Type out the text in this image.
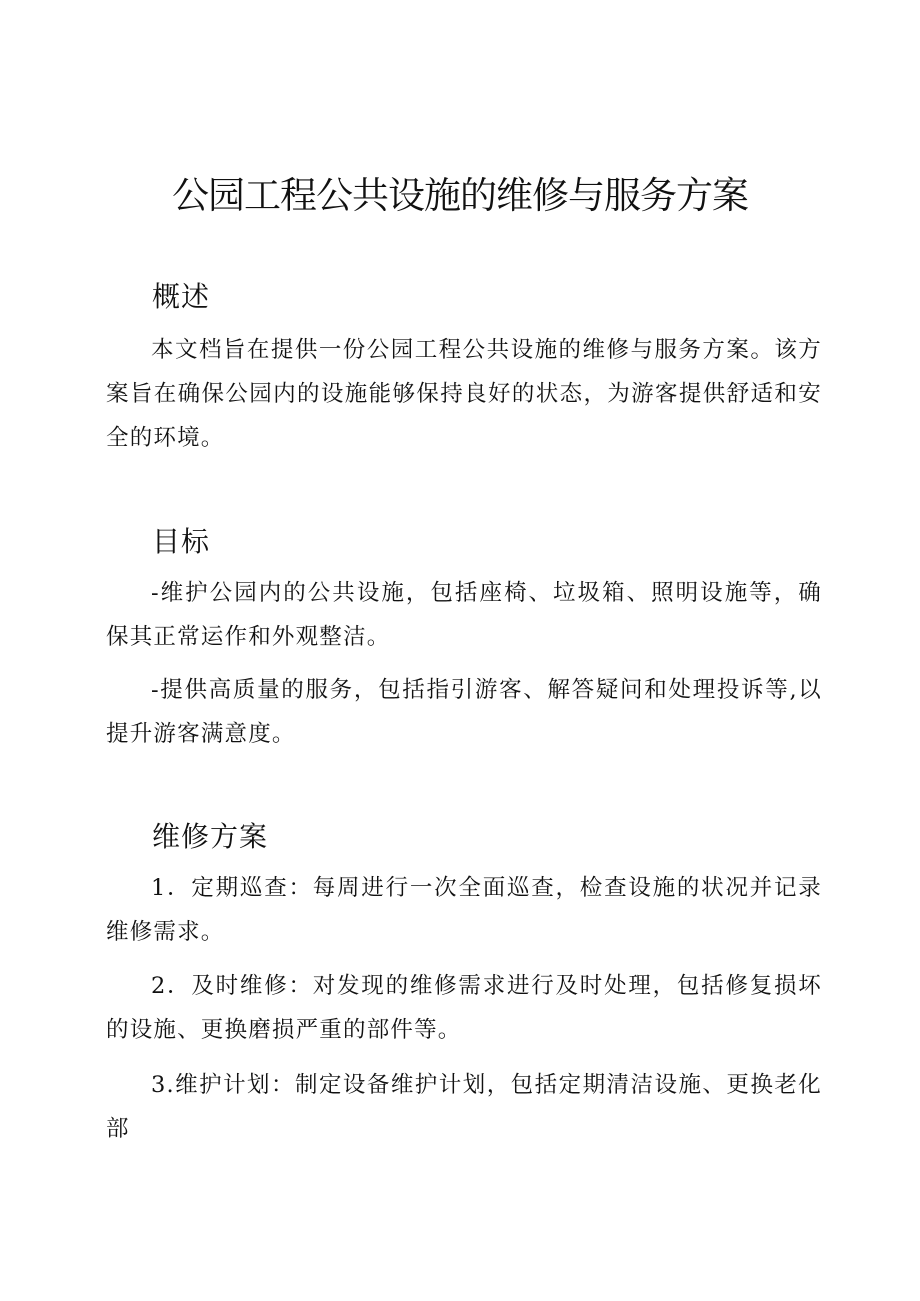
公园工程公共设施的维修与服务方案
概述

本文档旨在提供一份公园工程公共设施的维修与服务方案。该方案旨在确保公园内的设施能够保持良好的状态，为游客提供舒适和安全的环境。

目标

-维护公园内的公共设施，包括座椅、垃圾箱、照明设施等，确保其正常运作和外观整洁。

-提供高质量的服务，包括指引游客、解答疑问和处理投诉等,以提升游客满意度。

维修方案

1．定期巡查：每周进行一次全面巡查，检查设施的状况并记录维修需求。

2．及时维修：对发现的维修需求进行及时处理，包括修复损坏的设施、更换磨损严重的部件等。

3.维护计划：制定设备维护计划，包括定期清洁设施、更换老化部
